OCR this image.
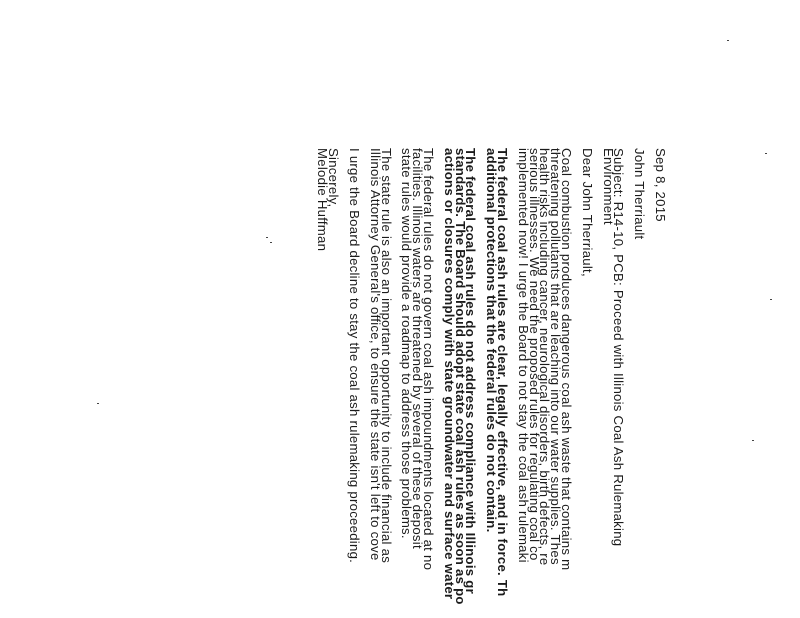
Sep 8, 2015
John Therriault
Subject: R14-10, PCB: Proceed with Illinois Coal Ash Rulemaking
Environment
Dear John Therriault,
Coal combustion produces dangerous coal ash waste that contains m
threatening pollutants that are leaching into our water supplies. Thes
health risks including cancer, neurological disorders, birth defects, re
serious illnesses. We need the proposed rules for regulating coal co
implemented now! I urge the Board to not stay the coal ash rulemaki
The federal coal ash rules are clear, legally effective, and in force. Th
additional protections that the federal rules do not contain.
The federal coal ash rules do not address compliance with Illinois gr
standards. The Board should adopt state coal ash rules as soon as po
actions or closures comply with state groundwater and surface water
The federal rules do not govern coal ash impoundments located at no
facilities. Illinois waters are threatened by several of these deposit
state rules would provide a roadmap to address those problems.
The state rule is also an important opportunity to include financial as
Illinois Attorney General's office, to ensure the state isn't left to cove
I urge the Board decline to stay the coal ash rulemaking proceeding.
Sincerely,
Melodie Huffman
